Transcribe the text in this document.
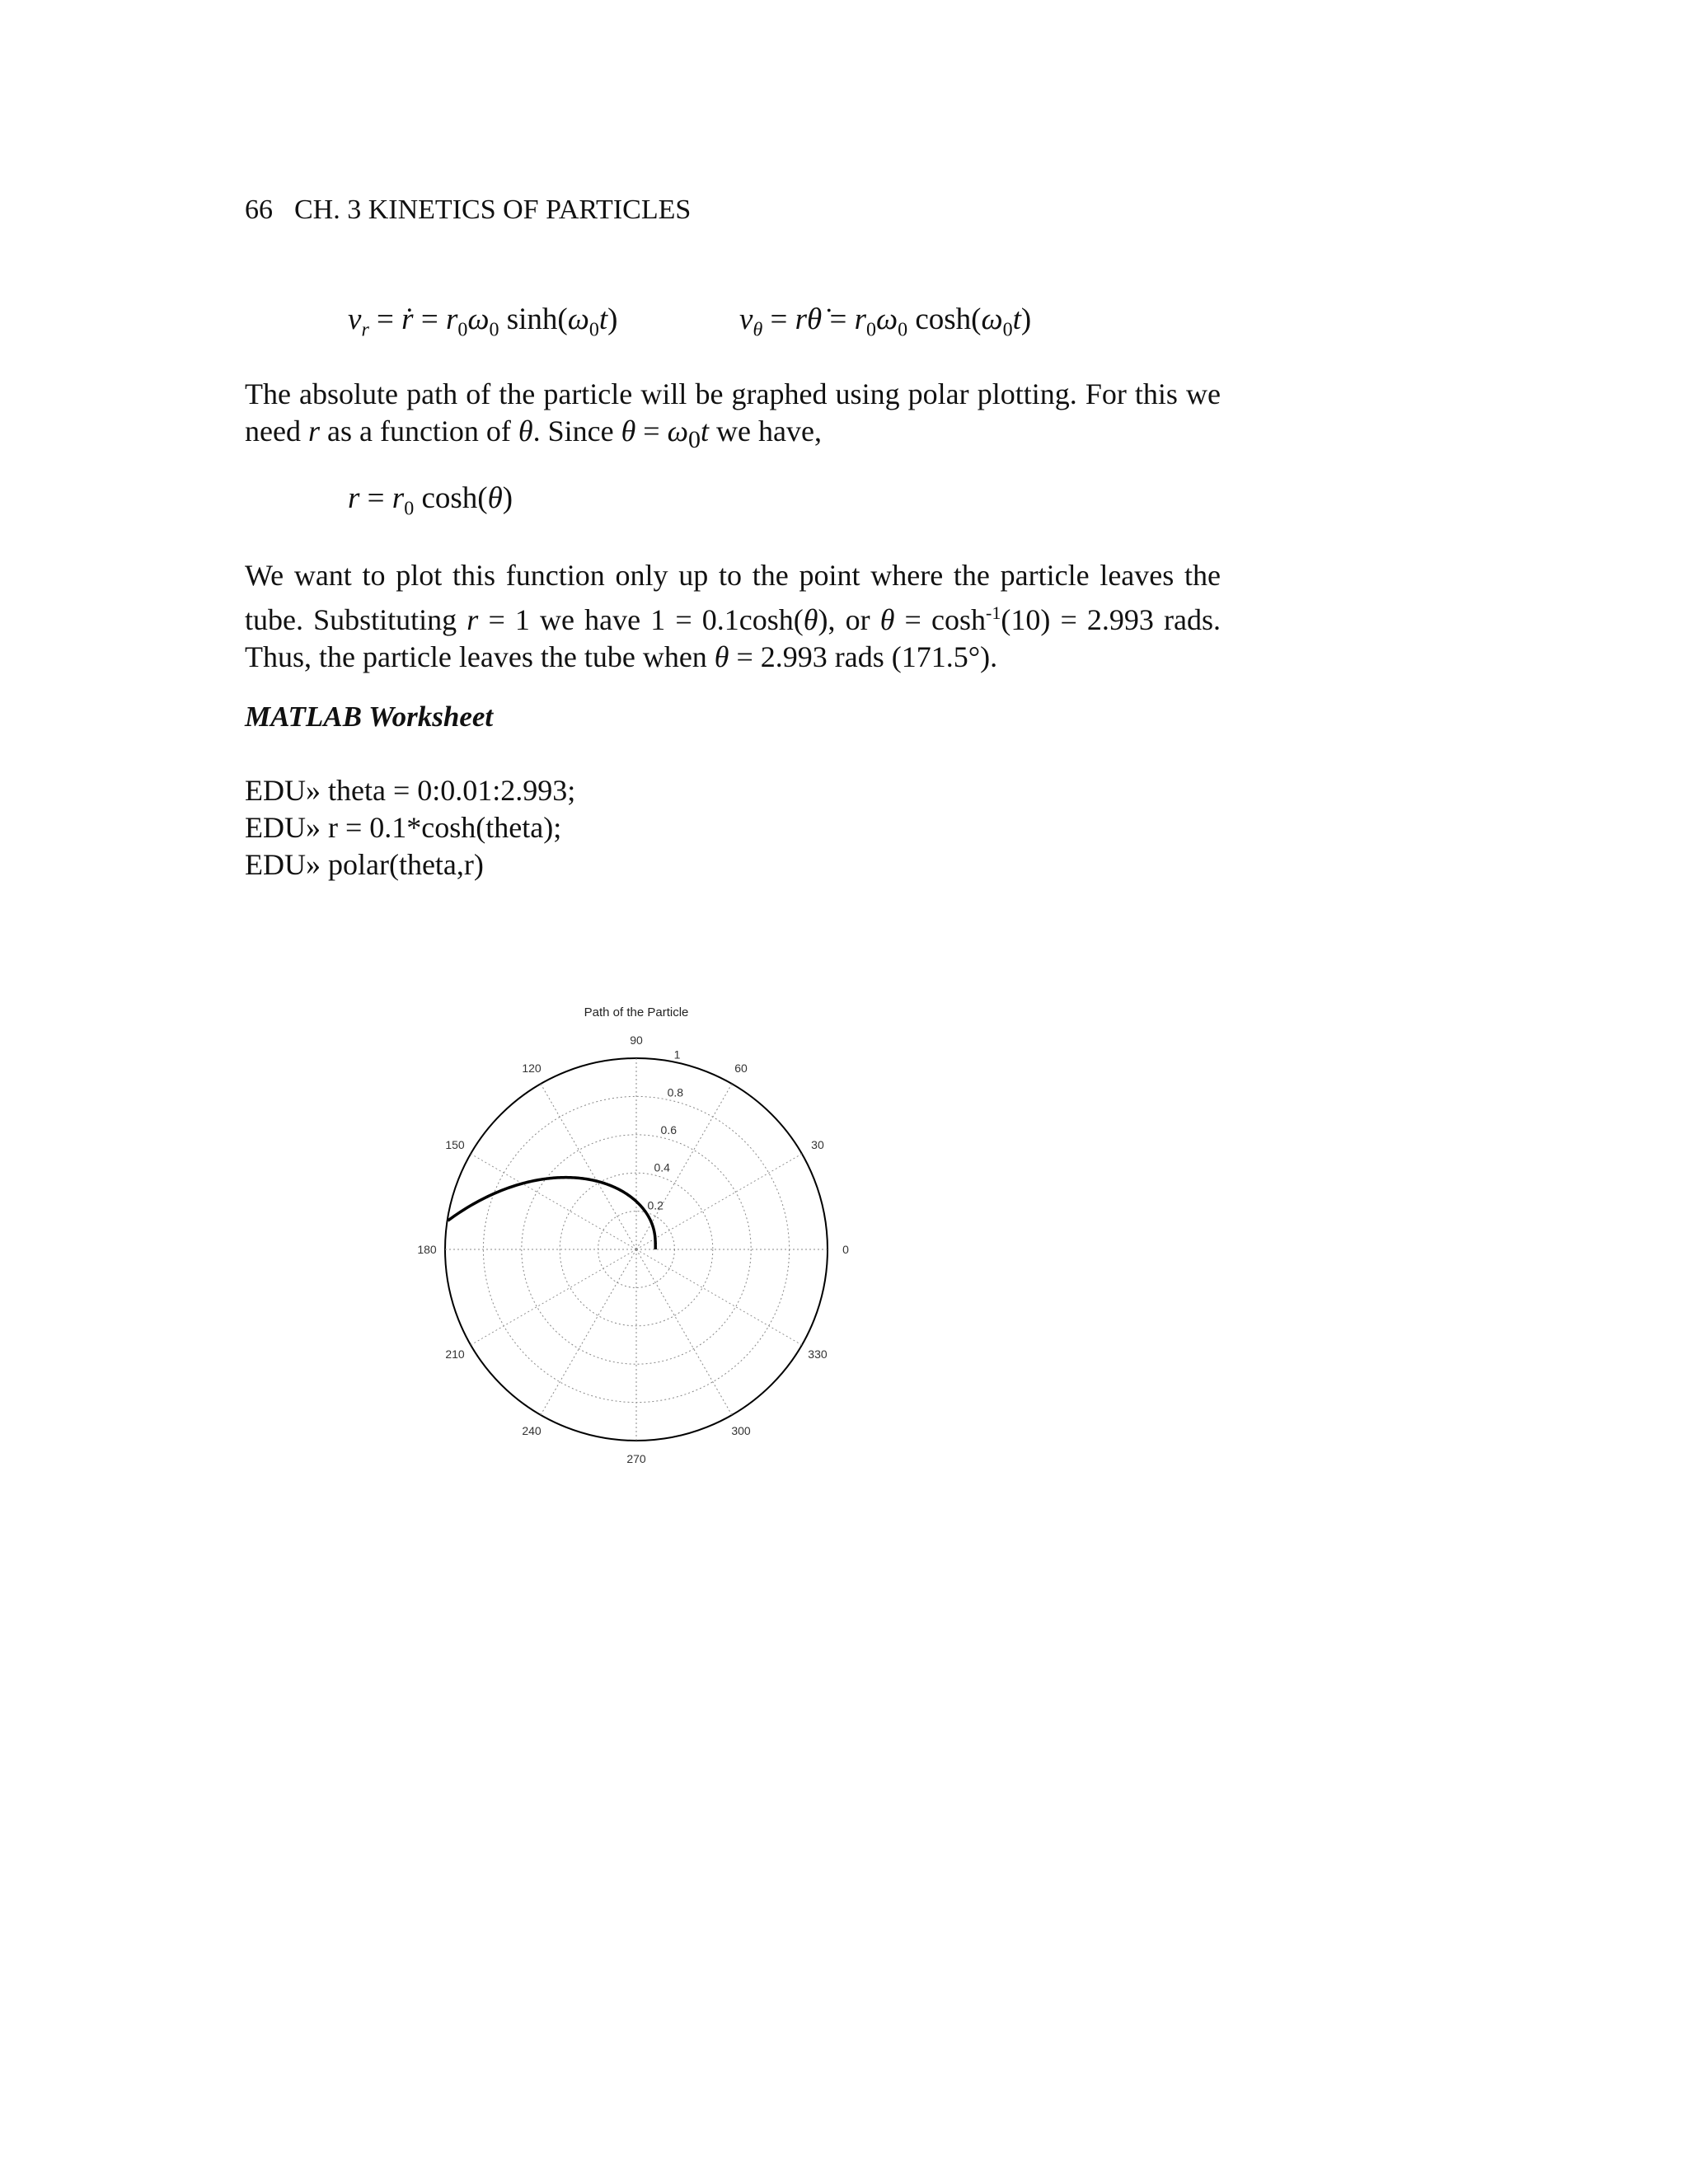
66 CH. 3 KINETICS OF PARTICLES
$v_r$ = ṙ = $r_0\omega_0$ $\sinh(\omega_0t)$	$v_\theta$ = rθ̇ = $r_0\omega_0$ $\cosh(\omega_0t)$
The absolute path of the particle will be graphed using polar plotting. For this we need r as a function of θ. Since $\theta = \omega_0t$ we have,
$r = r_0$ cosh(θ)
We want to plot this function only up to the point where the particle leaves the tube. Substituting r = 1 we have 1 = 0.1cosh(θ), or $\theta = \cosh^{-1}(10) = 2.993$ rads. Thus, the particle leaves the tube when θ = 2.993 rads (171.5°).
MATLAB Worksheet
EDU» theta = 0:0.01:2.993;
EDU» r = 0.1*cosh(theta);
EDU» polar(theta,r)
Path of the Particle
0.2
0.4
0.6
0.8
1
0
30
60
90
120
150
180
210
240
270
300
330
